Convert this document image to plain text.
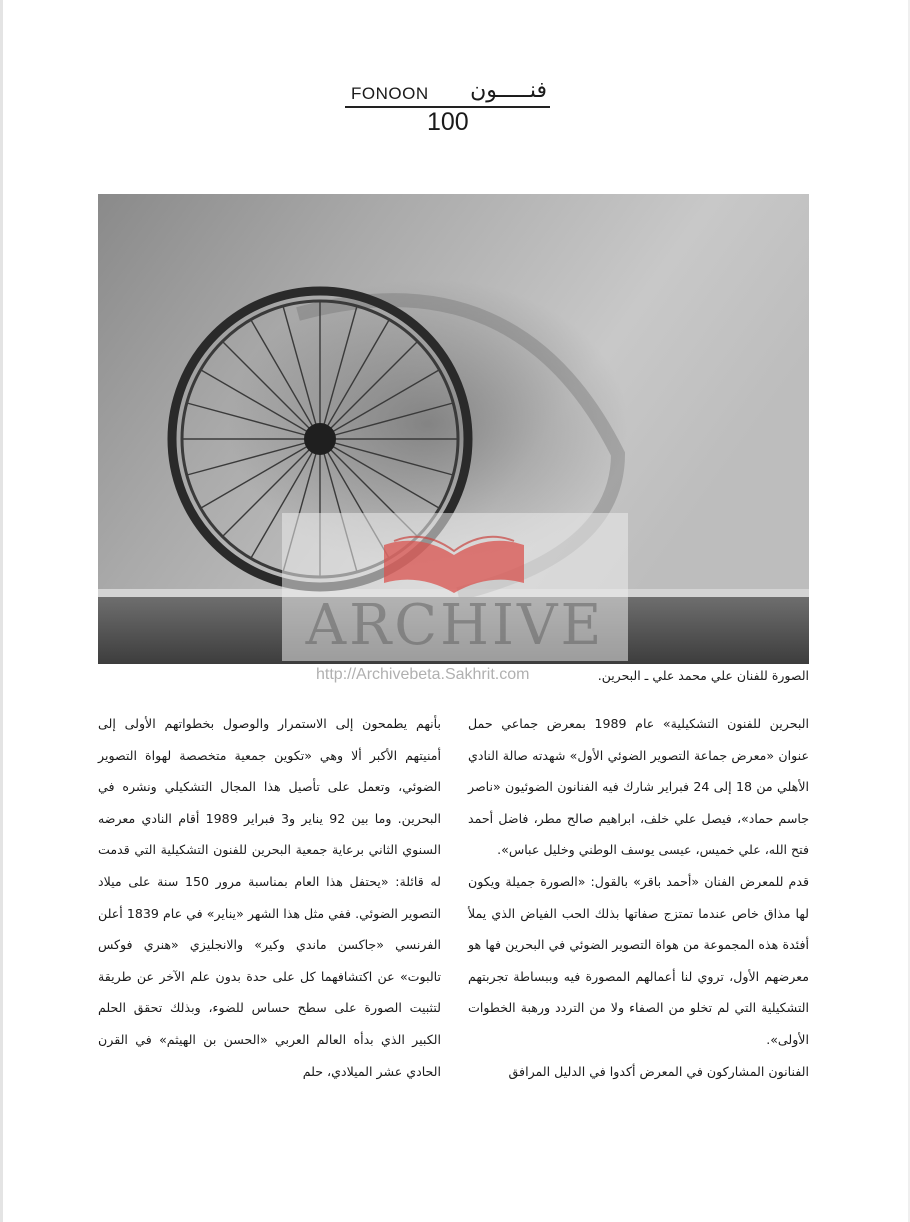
FONOON فنـــــون
100
ARCHIVE
http://Archivebeta.Sakhrit.com	الصورة للفنان علي محمد علي ـ البحرين.

البحرين للفنون التشكيلية» عام 1989 بمعرض جماعي حمل عنوان «معرض جماعة التصوير الضوئي الأول» شهدته صالة النادي الأهلي من 18 إلى 24 فبراير شارك فيه الفنانون الضوئيون «ناصر جاسم حماد»، فيصل علي خلف، ابراهيم صالح مطر، فاضل أحمد فتح الله، علي خميس، عيسى يوسف الوطني وخليل عباس».

قدم للمعرض الفنان «أحمد باقر» بالقول: «الصورة جميلة ويكون لها مذاق خاص عندما تمتزج صفاتها بذلك الحب الفياض الذي يملأ أفئدة هذه المجموعة من هواة التصوير الضوئي في البحرين فها هو معرضهم الأول، تروي لنا أعمالهم المصورة فيه وببساطة تجربتهم التشكيلية التي لم تخلو من الصفاء ولا من التردد ورهبة الخطوات الأولى».

الفنانون المشاركون في المعرض أكدوا في الدليل المرافق

بأنهم يطمحون إلى الاستمرار والوصول بخطواتهم الأولى إلى أمنيتهم الأكبر ألا وهي «تكوين جمعية متخصصة لهواة التصوير الضوئي، وتعمل على تأصيل هذا المجال التشكيلي ونشره في البحرين. وما بين 92 يناير و3 فبراير 1989 أقام النادي معرضه السنوي الثاني برعاية جمعية البحرين للفنون التشكيلية التي قدمت له قائلة: «يحتفل هذا العام بمناسبة مرور 150 سنة على ميلاد التصوير الضوئي. ففي مثل هذا الشهر «يناير» في عام 1839 أعلن الفرنسي «جاكسن ماندي وكير» والانجليزي «هنري فوكس تالبوت» عن اكتشافهما كل على حدة بدون علم الآخر عن طريقة لتثبيت الصورة على سطح حساس للضوء، وبذلك تحقق الحلم الكبير الذي بدأه العالم العربي «الحسن بن الهيثم» في القرن الحادي عشر الميلادي، حلم
